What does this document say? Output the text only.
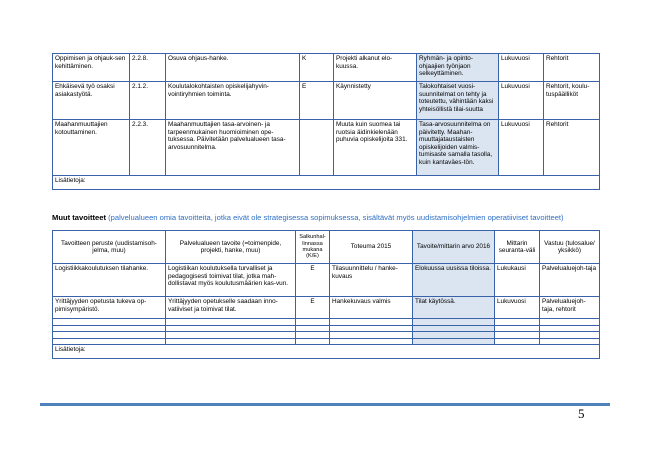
Oppimisen ja ohjauk-sen kehittäminen.	2.2.8.	Osuva ohjaus-hanke.	K	Projekti alkanut elo-kuussa.	Ryhmän- ja opinto-ohjaajien työnjaon selkeyttäminen.	Lukuvuosi	Rehtorit
Ehkäisevä työ osaksi asiakastyötä.	2.1.2.	Koulutalokohtaisten opiskelijahyvin-vointiryhmien toiminta.	E	Käynnistetty	Talokohtaiset vuosi-suunnitelmat on tehty ja toteutettu, vähintään kaksi yhteisöllistä tilai-suutta	Lukuvuosi	Rehtorit, koulu-tuspäälliköt
Maahanmuuttajien kotouttaminen.	2.2.3.	Maahanmuuttajien tasa-arvoinen- ja tarpeenmukainen huomioiminen ope-tuksessa. Päivitetään palvelualueen tasa-arvosuunnitelma.		Muuta kuin suomea tai ruotsia äidinkielenään puhuvia opiskelijoita 331.	Tasa-arvosuunnitelma on päivitetty. Maahan-muuttajataustaisten opiskelijoiden valmis-tumisaste samalla tasolla, kuin kantaväes-tön.	Lukuvuosi	Rehtorit
Lisätietoja:							
Muut tavoitteet (palvelualueen omia tavoitteita, jotka eivät ole strategisessa sopimuksessa, sisältävät myös uudistamisohjelmien operatiiviset tavoitteet)
Tavoitteen peruste (uudistamisoh-jelma, muu)	Palvelualueen tavoite (=toimenpide, projekti, hanke, muu)	Salkunhal-linnassa mukana (K/E)	Toteuma 2015	Tavoite/mittarin arvo 2016	Mittarin seuranta-väli	Vastuu (tulosalue/ yksikkö)
Logistiikkakoulutuksen tilahanke.	Logistiikan koulutuksella turvalliset ja pedagogisesti toimivat tilat, jotka mah-dollistavat myös koulutusmäärien kas-vun.	E	Tilasuunnittelu / hanke-kuvaus	Elokuussa uusissa tiloissa.	Lukukausi	Palvelualuejoh-taja
Yrittäjyyden opetusta tukeva op-pimisympäristö.	Yrittäjyyden opetukselle saadaan inno-vatiiviset ja toimivat tilat.	E	Hankekuvaus valmis	Tilat käytössä.	Lukuvuosi	Palvelualuejoh-taja, rehtorit

Lisätietoja:						
5
